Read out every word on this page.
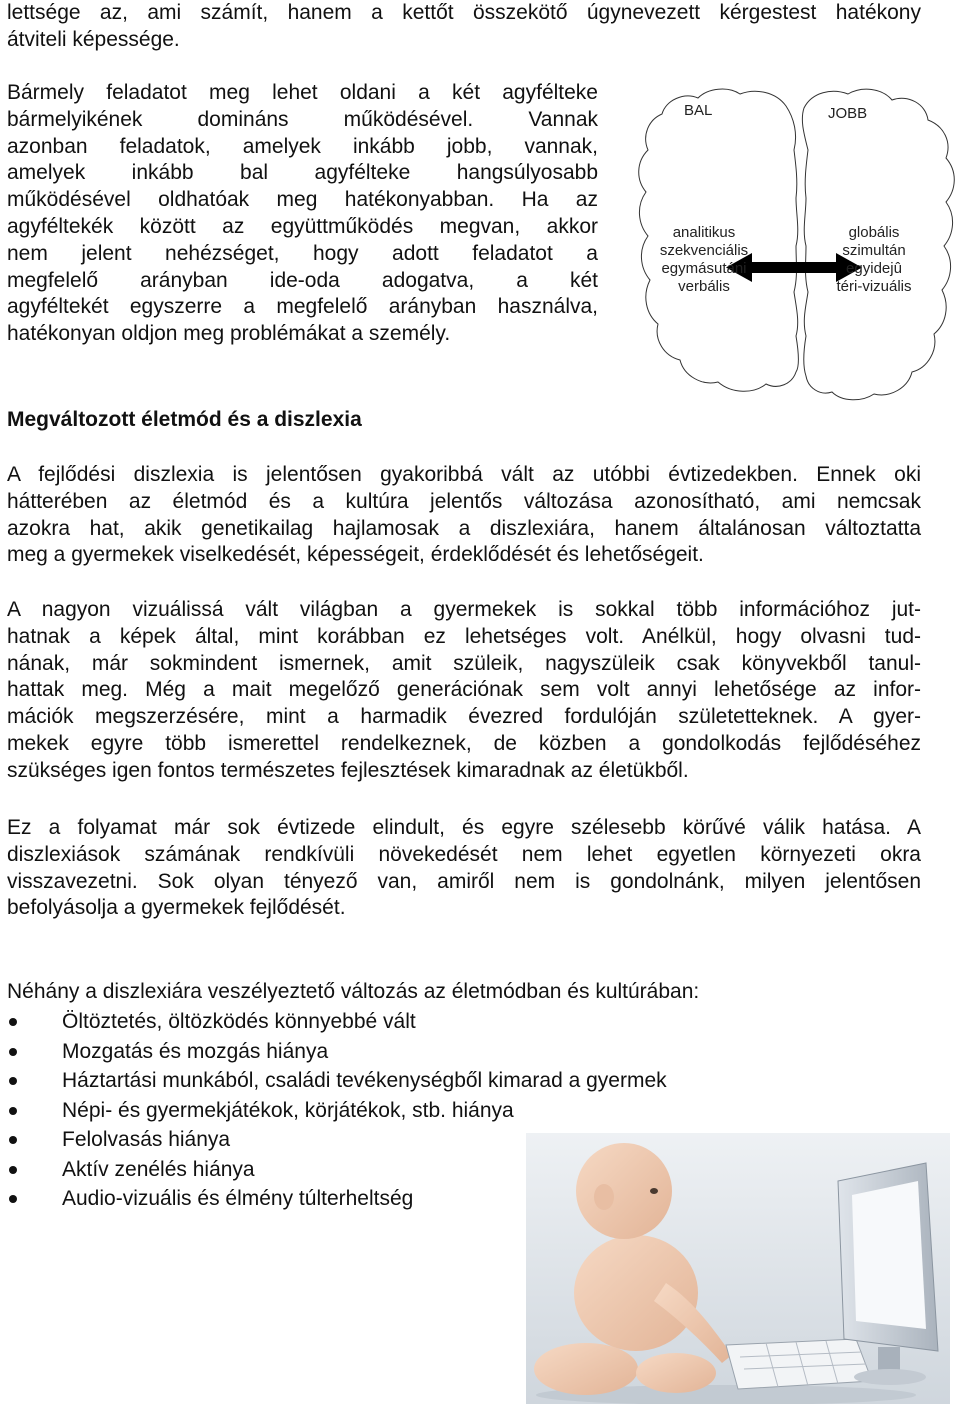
lettsége az, ami számít, hanem a kettőt összekötő úgynevezett kérgestest hatékony
átviteli képessége.
Bármely feladatot meg lehet oldani a két agyfélteke
bármelyikének domináns működésével. Vannak
azonban feladatok, amelyek inkább jobb, vannak,
amelyek inkább bal agyfélteke hangsúlyosabb
működésével oldhatóak meg hatékonyabban. Ha az
agyféltekék között az együttműködés megvan, akkor
nem jelent nehézséget, hogy adott feladatot a
megfelelő arányban ide-oda adogatva, a két
agyféltekét egyszerre a megfelelő arányban használva,
hatékonyan oldjon meg problémákat a személy.
BAL	JOBB
analitikus
szekvenciális
egymásutáni
verbális
globális
szimultán
egyidejû
téri-vizuális
Megváltozott életmód és a diszlexia
A fejlődési diszlexia is jelentősen gyakoribbá vált az utóbbi évtizedekben. Ennek oki
hátterében az életmód és a kultúra jelentős változása azonosítható, ami nemcsak
azokra hat, akik genetikailag hajlamosak a diszlexiára, hanem általánosan változtatta
meg a gyermekek viselkedését, képességeit, érdeklődését és lehetőségeit.
A nagyon vizuálissá vált világban a gyermekek is sokkal több információhoz jut-
hatnak a képek által, mint korábban ez lehetséges volt. Anélkül, hogy olvasni tud-
nának, már sokmindent ismernek, amit szüleik, nagyszüleik csak könyvekből tanul-
hattak meg. Még a mait megelőző generációnak sem volt annyi lehetősége az infor-
mációk megszerzésére, mint a harmadik évezred fordulóján születetteknek. A gyer-
mekek egyre több ismerettel rendelkeznek, de közben a gondolkodás fejlődéséhez
szükséges igen fontos természetes fejlesztések kimaradnak az életükből.
Ez a folyamat már sok évtizede elindult, és egyre szélesebb körűvé válik hatása. A
diszlexiások számának rendkívüli növekedését nem lehet egyetlen környezeti okra
visszavezetni. Sok olyan tényező van, amiről nem is gondolnánk, milyen jelentősen
befolyásolja a gyermekek fejlődését.

Néhány a diszlexiára veszélyeztető változás az életmódban és kultúrában:

Öltöztetés, öltözködés könnyebbé vált
Mozgatás és mozgás hiánya
Háztartási munkából, családi tevékenységből kimarad a gyermek
Népi- és gyermekjátékok, körjátékok, stb. hiánya
Felolvasás hiánya
Aktív zenélés hiánya
Audio-vizuális és élmény túlterheltség
